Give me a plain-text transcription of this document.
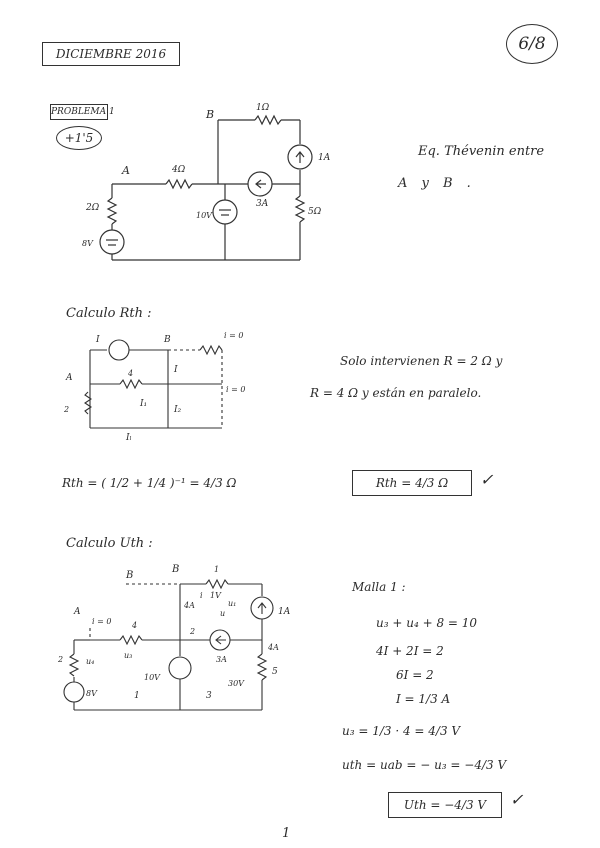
DICIEMBRE 2016	6/8
PROBLEMA 1
+1'5
Eq. Thévenin entre
A y B .
B
A
1Ω
4Ω
2Ω
8V
10V
1A
3A
5Ω
Calculo Rth :
I	B	i = 0
A	4	I
i = 0
2
I₁
I₂
Iₗ
Solo intervienen R = 2 Ω y
R = 4 Ω y están en paralelo.
Rth = ( 1/2 + 1/4 )⁻¹ = 4/3 Ω	Rth = 4/3 Ω	✓
Calculo Uth :
B
B	1
1V
A
4A
u
u₁
1A
i = 0	4
2
4A
u₃	3A
2	u₄
10V
30V
5
8V	1	3
i
Malla 1 :
u₃ + u₄ + 8 = 10
4I + 2I = 2
6I = 2
I = 1/3 A
u₃ = 1/3 · 4 = 4/3 V
uth = uab = − u₃ = −4/3 V
Uth = −4/3 V	✓
1
